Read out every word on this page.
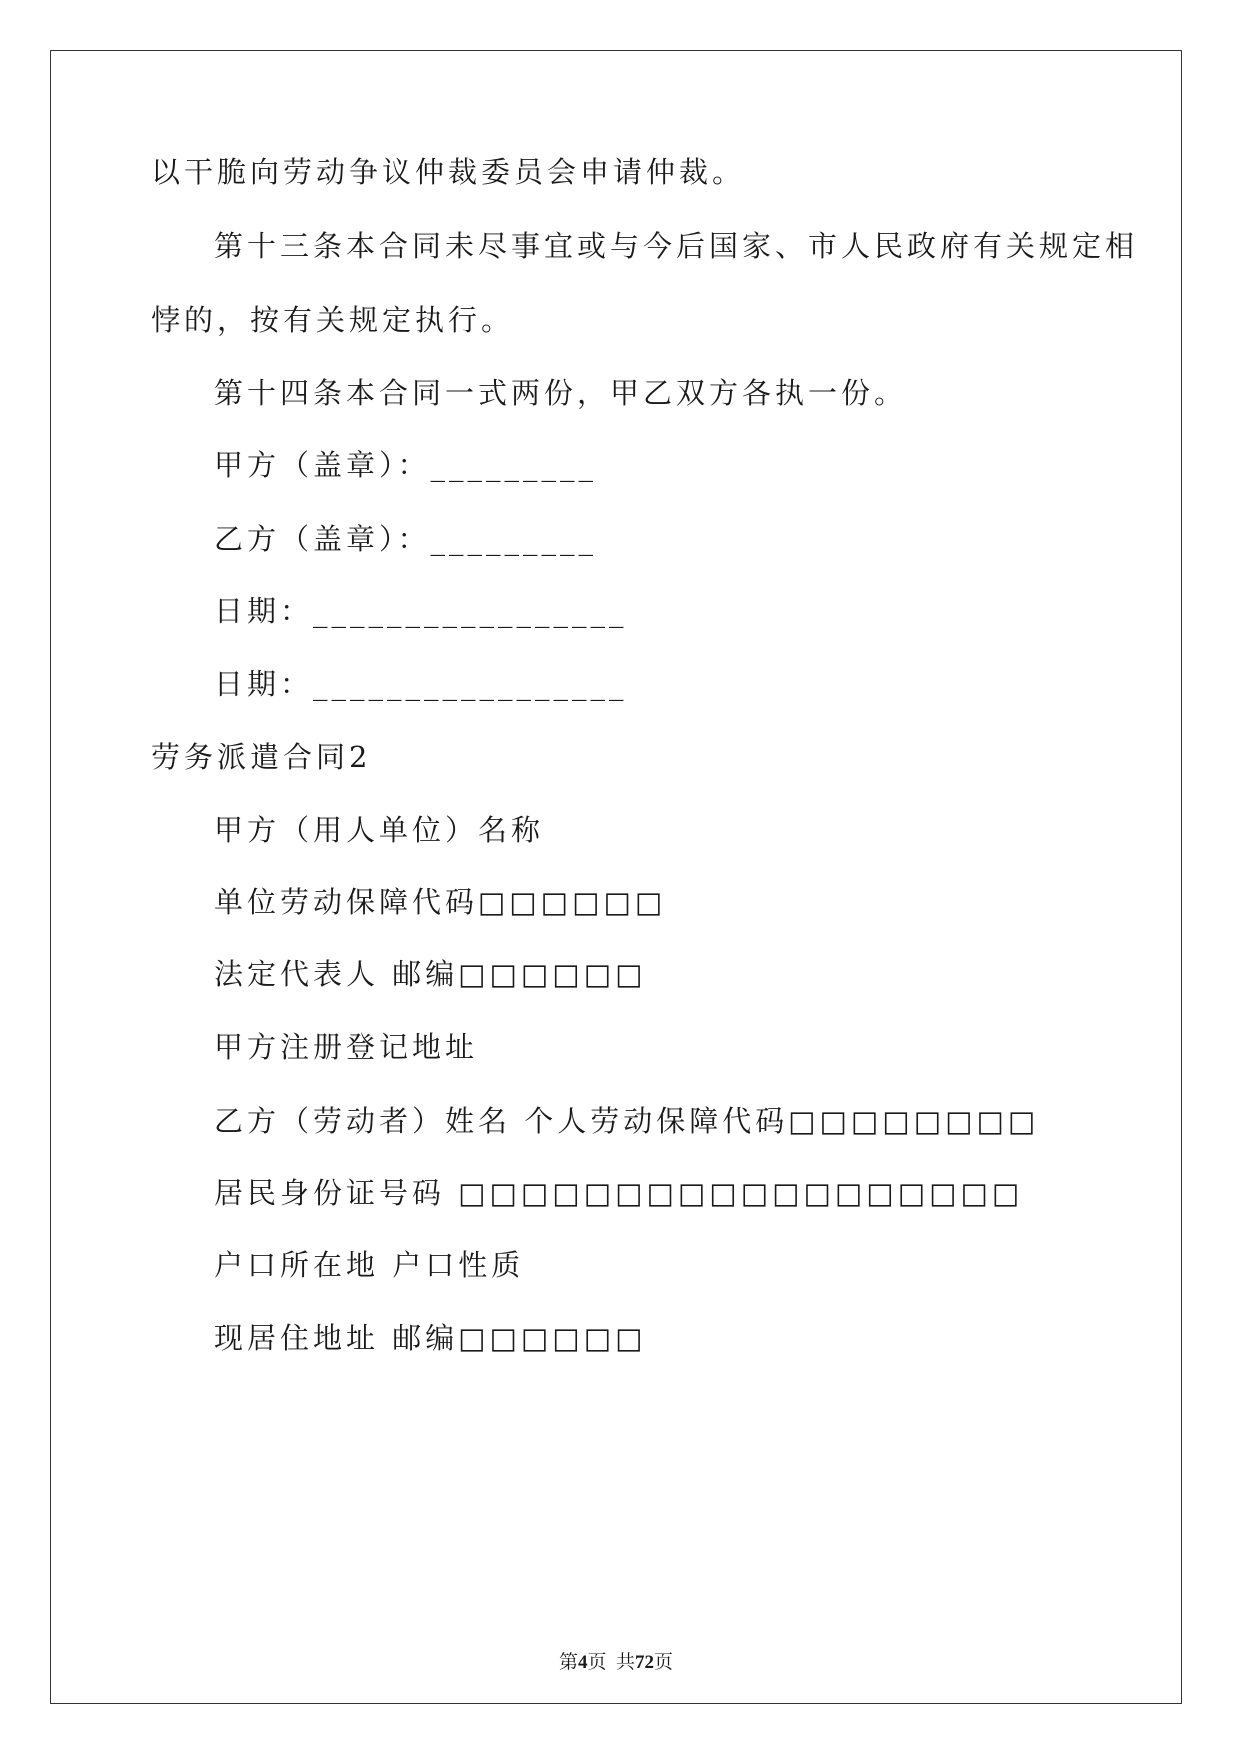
以干脆向劳动争议仲裁委员会申请仲裁。
第十三条本合同未尽事宜或与今后国家、市人民政府有关规定相
悖的，按有关规定执行。
第十四条本合同一式两份，甲乙双方各执一份。
甲方（盖章）：_________
乙方（盖章）：_________
日期：_________________
日期：_________________
劳务派遣合同2
甲方（用人单位）名称
单位劳动保障代码□□□□□□
法定代表人 邮编□□□□□□
甲方注册登记地址
乙方（劳动者）姓名 个人劳动保障代码□□□□□□□□
居民身份证号码 □□□□□□□□□□□□□□□□□□
户口所在地 户口性质
现居住地址 邮编□□□□□□
第4页  共72页
